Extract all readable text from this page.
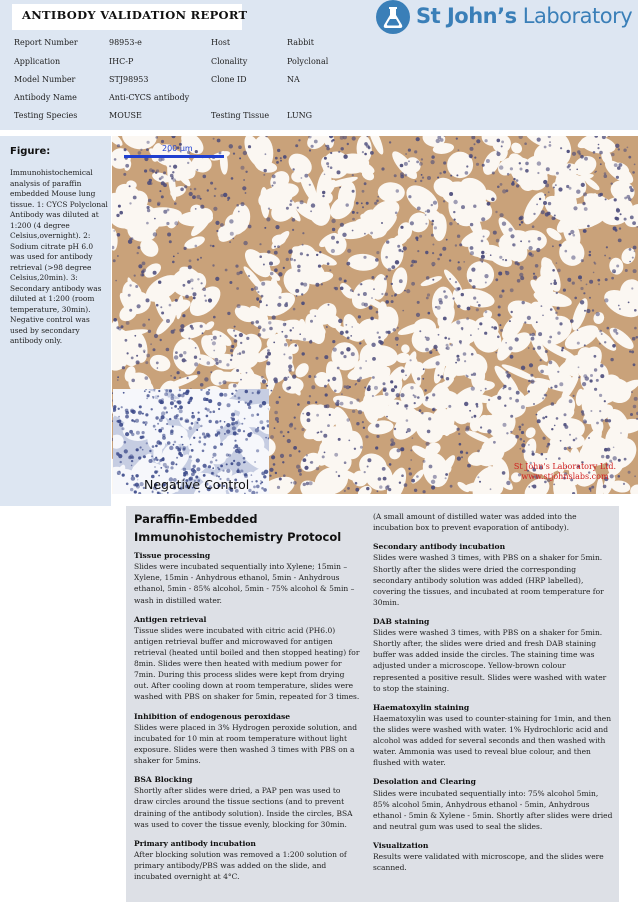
ANTIBODY VALIDATION REPORT	St John’s Laboratory
Report Number	98953-e	Host	Rabbit
Application	IHC-P	Clonality	Polyclonal
Model Number	STJ98953	Clone ID	NA
Antibody Name	Anti-CYCS antibody
Testing Species	MOUSE	Testing Tissue LUNG
Figure:
Immunohistochemical analysis of paraffin embedded Mouse lung tissue. 1: CYCS Polyclonal Antibody was diluted at 1:200 (4 degree Celsius,overnight). 2: Sodium citrate pH 6.0 was used for antibody retrieval (>98 degree Celsius,20min). 3: Secondary antibody was diluted at 1:200 (room temperature, 30min). Negative control was used by secondary antibody only.
200 μm
Negative Control
St John's Laboratory Ltd.
www.stjohnslabs.com
Paraffin-Embedded
Immunohistochemistry Protocol
Tissue processing

Slides were incubated sequentially into Xylene; 15min – Xylene, 15min - Anhydrous ethanol, 5min - Anhydrous ethanol, 5min - 85% alcohol, 5min - 75% alcohol & 5min – wash in distilled water.

Antigen retrieval

Tissue slides were incubated with citric acid (PH6.0) antigen retrieval buffer and microwaved for antigen retrieval (heated until boiled and then stopped heating) for 8min. Slides were then heated with medium power for 7min. During this process slides were kept from drying out. After cooling down at room temperature, slides were washed with PBS on shaker for 5min, repeated for 3 times.

Inhibition of endogenous peroxidase

Slides were placed in 3% Hydrogen peroxide solution, and incubated for 10 min at room temperature without light exposure. Slides were then washed 3 times with PBS on a shaker for 5mins.

BSA Blocking

Shortly after slides were dried, a PAP pen was used to draw circles around the tissue sections (and to prevent draining of the antibody solution). Inside the circles, BSA was used to cover the tissue evenly, blocking for 30min.

Primary antibody incubation

After blocking solution was removed a 1:200 solution of primary antibody/PBS was added on the slide, and incubated overnight at 4°C.

(A small amount of distilled water was added into the incubation box to prevent evaporation of antibody).

Secondary antibody incubation

Slides were washed 3 times, with PBS on a shaker for 5min. Shortly after the slides were dried the corresponding secondary antibody solution was added (HRP labelled), covering the tissues, and incubated at room temperature for 30min.

DAB staining

Slides were washed 3 times, with PBS on a shaker for 5min. Shortly after, the slides were dried and fresh DAB staining buffer was added inside the circles. The staining time was adjusted under a microscope. Yellow-brown colour represented a positive result. Slides were washed with water to stop the staining.

Haematoxylin staining

Haematoxylin was used to counter-staining for 1min, and then the slides were washed with water. 1% Hydrochloric acid and alcohol was added for several seconds and then washed with water. Ammonia was used to reveal blue colour, and then flushed with water.

Desolation and Clearing

Slides were incubated sequentially into: 75% alcohol 5min, 85% alcohol 5min, Anhydrous ethanol - 5min, Anhydrous ethanol - 5min & Xylene - 5min. Shortly after slides were dried and neutral gum was used to seal the slides.

Visualization

Results were validated with microscope, and the slides were scanned.
